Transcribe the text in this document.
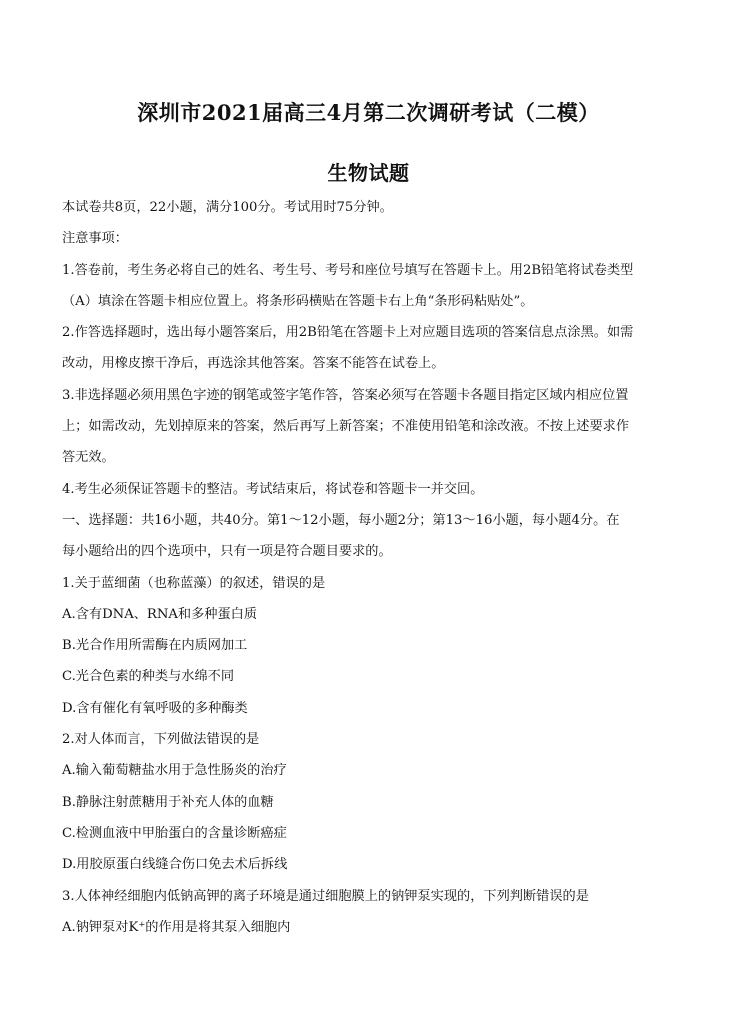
深圳市2021届高三4月第二次调研考试（二模）
生物试题
本试卷共8页，22小题，满分100分。考试用时75分钟。
注意事项：
1.答卷前，考生务必将自己的姓名、考生号、考号和座位号填写在答题卡上。用2B铅笔将试卷类型
（A）填涂在答题卡相应位置上。将条形码横贴在答题卡右上角“条形码粘贴处”。
2.作答选择题时，选出每小题答案后，用2B铅笔在答题卡上对应题目选项的答案信息点涂黑。如需
改动，用橡皮擦干净后，再选涂其他答案。答案不能答在试卷上。
3.非选择题必须用黑色字迹的钢笔或签字笔作答，答案必须写在答题卡各题目指定区域内相应位置
上；如需改动，先划掉原来的答案，然后再写上新答案；不准使用铅笔和涂改液。不按上述要求作
答无效。
4.考生必须保证答题卡的整洁。考试结束后，将试卷和答题卡一并交回。
一、选择题：共16小题，共40分。第1～12小题，每小题2分；第13～16小题，每小题4分。在
每小题给出的四个选项中，只有一项是符合题目要求的。
1.关于蓝细菌（也称蓝藻）的叙述，错误的是
A.含有DNA、RNA和多种蛋白质
B.光合作用所需酶在内质网加工
C.光合色素的种类与水绵不同
D.含有催化有氧呼吸的多种酶类
2.对人体而言，下列做法错误的是
A.输入葡萄糖盐水用于急性肠炎的治疗
B.静脉注射蔗糖用于补充人体的血糖
C.检测血液中甲胎蛋白的含量诊断癌症
D.用胶原蛋白线缝合伤口免去术后拆线
3.人体神经细胞内低钠高钾的离子环境是通过细胞膜上的钠钾泵实现的，下列判断错误的是
A.钠钾泵对K⁺的作用是将其泵入细胞内
